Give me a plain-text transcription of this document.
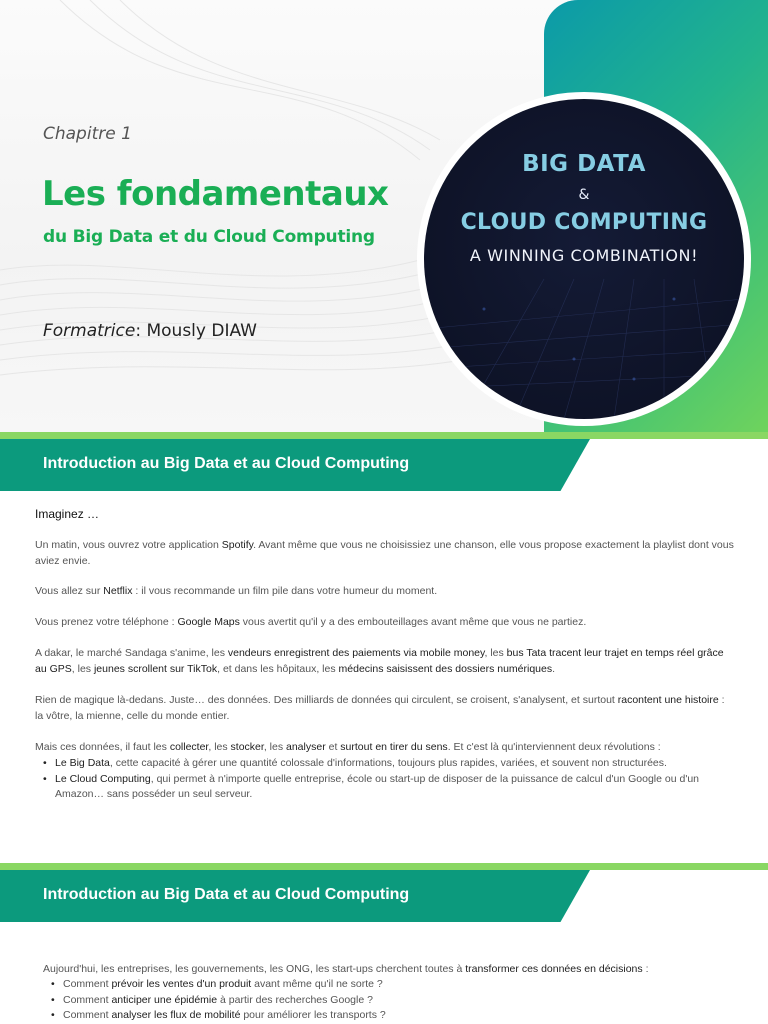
BIG DATA
&
CLOUD COMPUTING
A WINNING COMBINATION!
Chapitre 1
Les fondamentaux
du Big Data et du Cloud Computing
Formatrice: Mously DIAW
Introduction au Big Data et au Cloud Computing
Imaginez …
Un matin, vous ouvrez votre application Spotify. Avant même que vous ne choisissiez une chanson, elle vous propose exactement la playlist dont vous aviez envie.
Vous allez sur Netflix : il vous recommande un film pile dans votre humeur du moment.
Vous prenez votre téléphone : Google Maps vous avertit qu'il y a des embouteillages avant même que vous ne partiez.
A dakar, le marché Sandaga s'anime, les vendeurs enregistrent des paiements via mobile money, les bus Tata tracent leur trajet en temps réel grâce au GPS, les jeunes scrollent sur TikTok, et dans les hôpitaux, les médecins saisissent des dossiers numériques.
Rien de magique là-dedans. Juste… des données. Des milliards de données qui circulent, se croisent, s'analysent, et surtout racontent une histoire : la vôtre, la mienne, celle du monde entier.
Mais ces données, il faut les collecter, les stocker, les analyser et surtout en tirer du sens. Et c'est là qu'interviennent deux révolutions :
• Le Big Data, cette capacité à gérer une quantité colossale d'informations, toujours plus rapides, variées, et souvent non structurées.
• Le Cloud Computing, qui permet à n'importe quelle entreprise, école ou start-up de disposer de la puissance de calcul d'un Google ou d'un Amazon… sans posséder un seul serveur.
Introduction au Big Data et au Cloud Computing
Aujourd'hui, les entreprises, les gouvernements, les ONG, les start-ups cherchent toutes à transformer ces données en décisions :
• Comment prévoir les ventes d'un produit avant même qu'il ne sorte ?
• Comment anticiper une épidémie à partir des recherches Google ?
• Comment analyser les flux de mobilité pour améliorer les transports ?
